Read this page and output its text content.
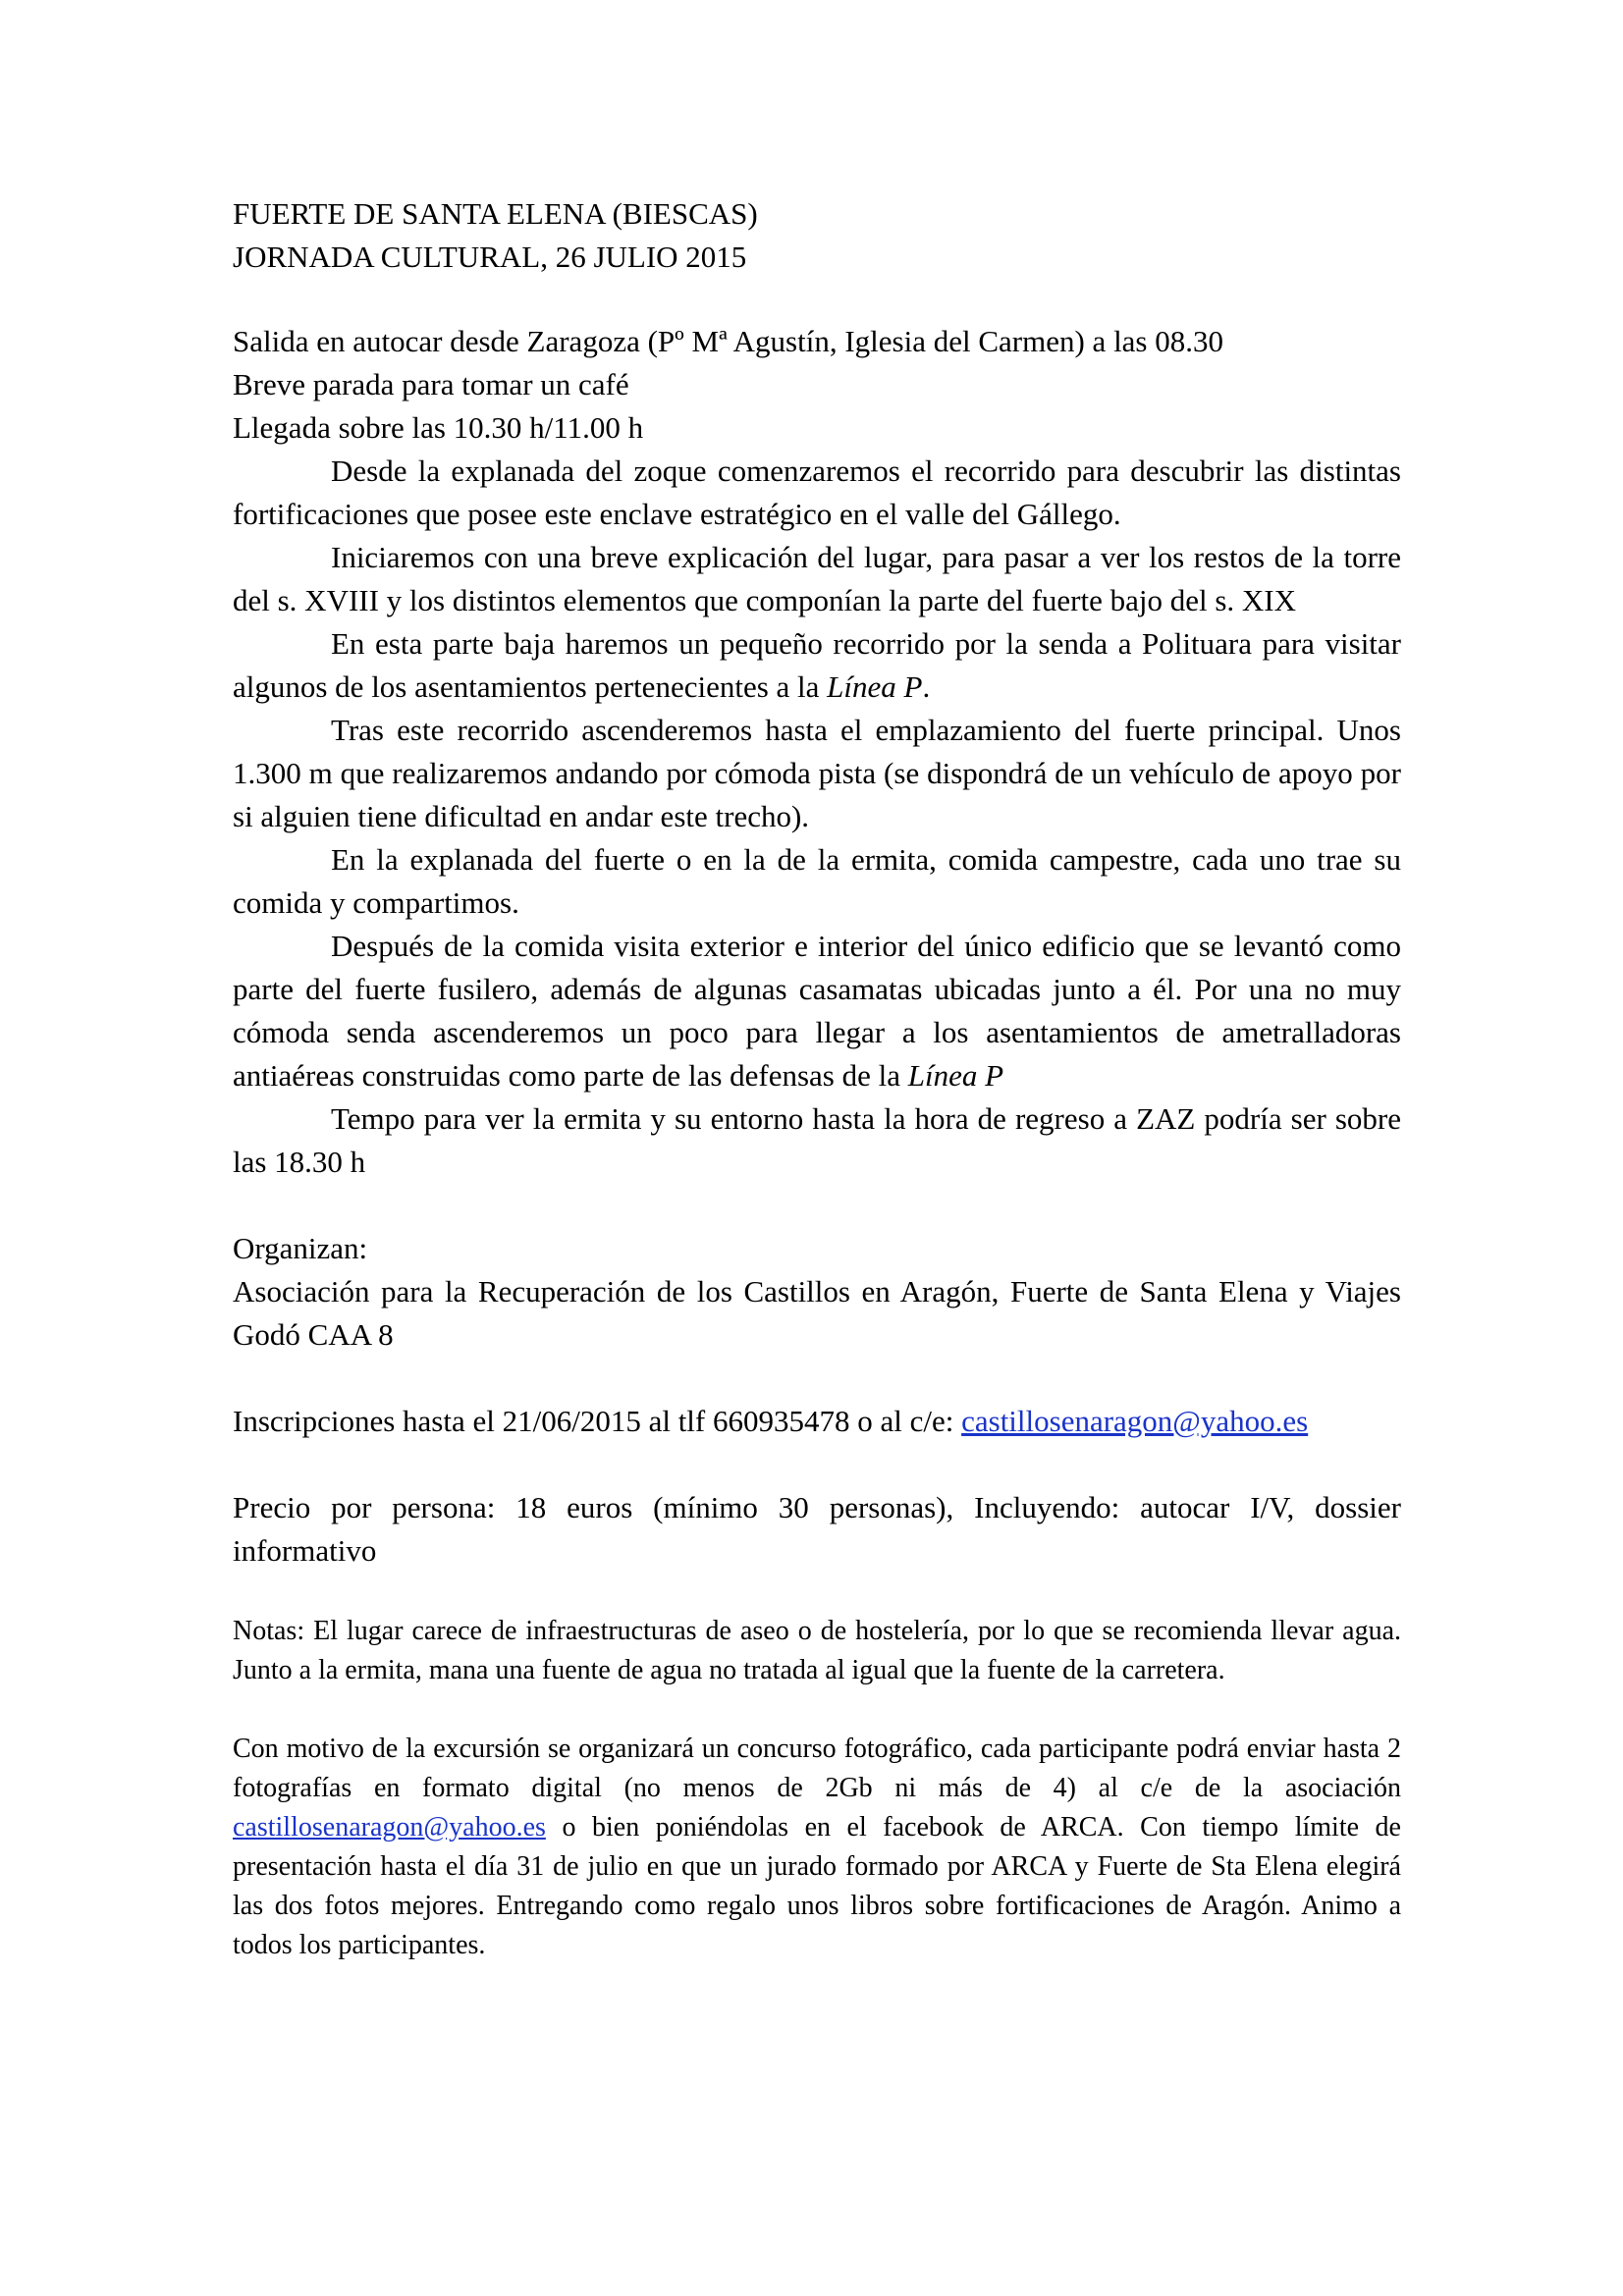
FUERTE DE SANTA ELENA (BIESCAS)

JORNADA CULTURAL, 26 JULIO 2015

Salida en autocar desde Zaragoza (Pº Mª Agustín, Iglesia del Carmen) a las 08.30

Breve parada para tomar un café

Llegada sobre las 10.30 h/11.00 h

Desde la explanada del zoque comenzaremos el recorrido para descubrir las distintas fortificaciones que posee este enclave estratégico en el valle del Gállego.

Iniciaremos con una breve explicación del lugar, para pasar a ver los restos de la torre del s. XVIII y los distintos elementos que componían la parte del fuerte bajo del s. XIX

En esta parte baja haremos un pequeño recorrido por la senda a Polituara para visitar algunos de los asentamientos pertenecientes a la Línea P.

Tras este recorrido ascenderemos hasta el emplazamiento del fuerte principal. Unos 1.300 m que realizaremos andando por cómoda pista (se dispondrá de un vehículo de apoyo por si alguien tiene dificultad en andar este trecho).

En la explanada del fuerte o en la de la ermita, comida campestre, cada uno trae su comida y compartimos.

Después de la comida visita exterior e interior del único edificio que se levantó como parte del fuerte fusilero, además de algunas casamatas ubicadas junto a él. Por una no muy cómoda senda ascenderemos un poco para llegar a los asentamientos de ametralladoras antiaéreas construidas como parte de las defensas de la Línea P

Tempo para ver la ermita y su entorno hasta la hora de regreso a ZAZ podría ser sobre las 18.30 h

Organizan:

Asociación para la Recuperación de los Castillos en Aragón, Fuerte de Santa Elena y Viajes Godó CAA 8

Inscripciones hasta el 21/06/2015 al tlf 660935478 o al c/e: castillosenaragon@yahoo.es

Precio por persona: 18 euros (mínimo 30 personas), Incluyendo: autocar I/V, dossier informativo

Notas: El lugar carece de infraestructuras de aseo o de hostelería, por lo que se recomienda llevar agua. Junto a la ermita, mana una fuente de agua no tratada al igual que la fuente de la carretera.

Con motivo de la excursión se organizará un concurso fotográfico, cada participante podrá enviar hasta 2 fotografías en formato digital (no menos de 2Gb ni más de 4) al c/e de la asociación castillosenaragon@yahoo.es o bien poniéndolas en el facebook de ARCA. Con tiempo límite de presentación hasta el día 31 de julio en que un jurado formado por ARCA y Fuerte de Sta Elena elegirá las dos fotos mejores. Entregando como regalo unos libros sobre fortificaciones de Aragón. Animo a todos los participantes.
